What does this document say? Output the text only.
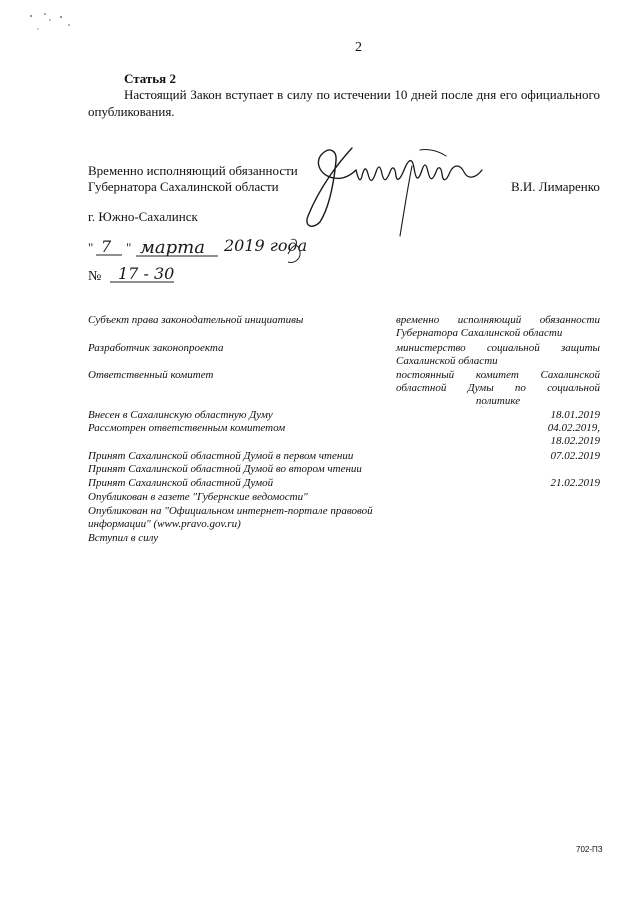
2
Статья 2
Настоящий Закон вступает в силу по истечении 10 дней после дня его официального опубликования.
Временно исполняющий обязанности
Губернатора Сахалинской области	В.И. Лимаренко
г. Южно-Сахалинск
" 7 " марта 2019 года
№ 17 - 30
Субъект права законодательной инициативы	временно исполняющий обязанности
Губернатора Сахалинской области
Разработчик законопроекта	министерство социальной защиты
Сахалинской области
Ответственный комитет	постоянный комитет Сахалинской
областной Думы по социальной
политике
Внесен в Сахалинскую областную Думу	18.01.2019
Рассмотрен ответственным комитетом	04.02.2019,
18.02.2019
Принят Сахалинской областной Думой в первом чтении	07.02.2019
Принят Сахалинской областной Думой во втором чтении
Принят Сахалинской областной Думой	21.02.2019
Опубликован в газете "Губернские ведомости"
Опубликован на "Официальном интернет-портале правовой
информации" (www.pravo.gov.ru)
Вступил в силу
702-ПЗ
